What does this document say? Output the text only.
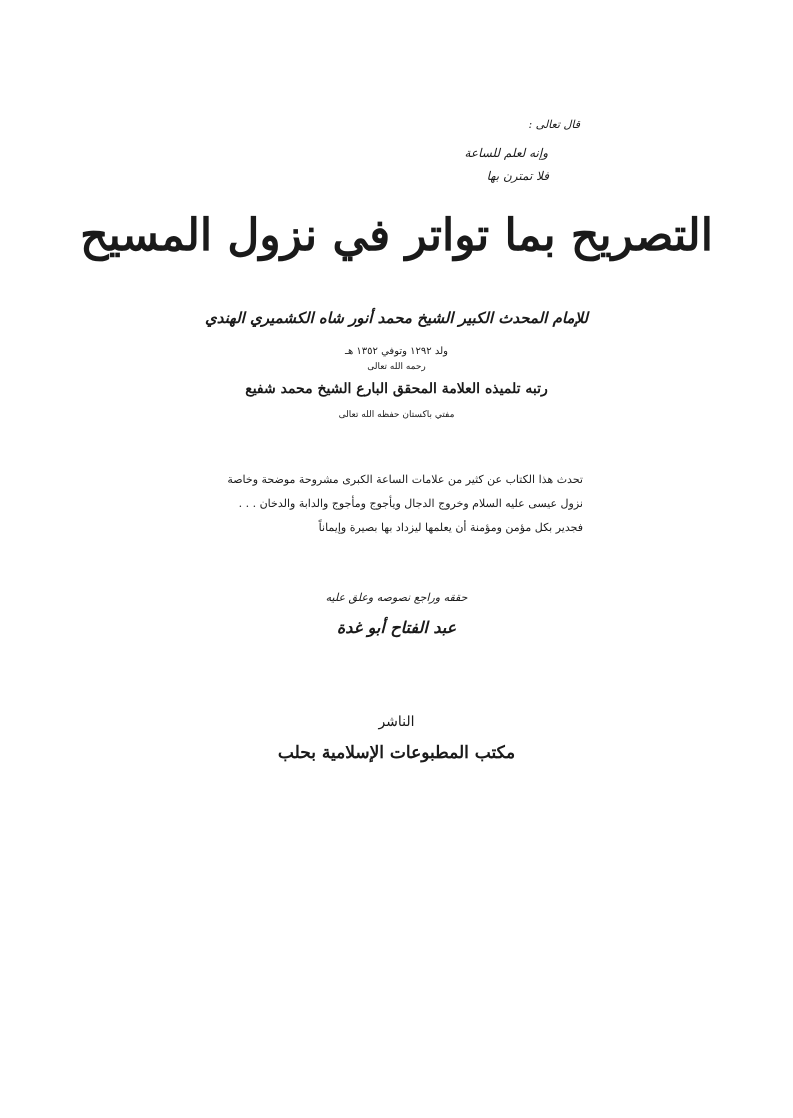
قال تعالى :
وإنه لعلم للساعة
فلا تمترن بها
التصريح بما تواتر في نزول المسيح
للإمام المحدث الكبير الشيخ محمد أنور شاه الكشميري الهندي
ولد ١٢٩٢ وتوفي ١٣٥٢ هـ
رحمه الله تعالى
رتبه تلميذه العلامة المحقق البارع الشيخ محمد شفيع
مفتي باكستان حفظه الله تعالى
تحدث هذا الكتاب عن كثير من علامات الساعة الكبرى مشروحة موضحة وخاصة
نزول عيسى عليه السلام وخروج الدجال ويأجوج ومأجوج والدابة والدخان . . .
فجدير بكل مؤمن ومؤمنة أن يعلمها ليزداد بها بصيرة وإيماناً
حققه وراجع نصوصه وعلق عليه
عبد الفتاح أبو غدة
الناشر
مكتب المطبوعات الإسلامية بحلب
